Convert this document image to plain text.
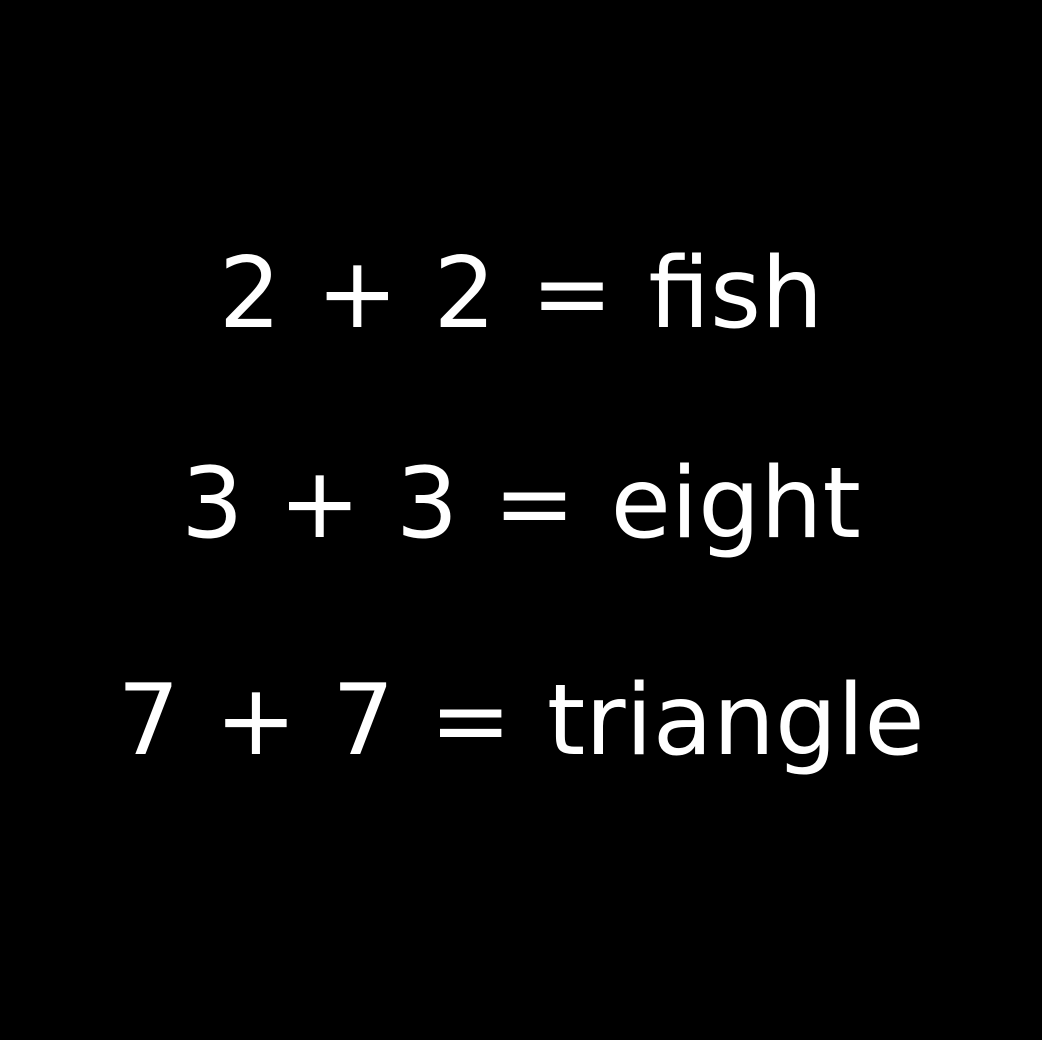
2 + 2 = fish
3 + 3 = eight
7 + 7 = triangle
